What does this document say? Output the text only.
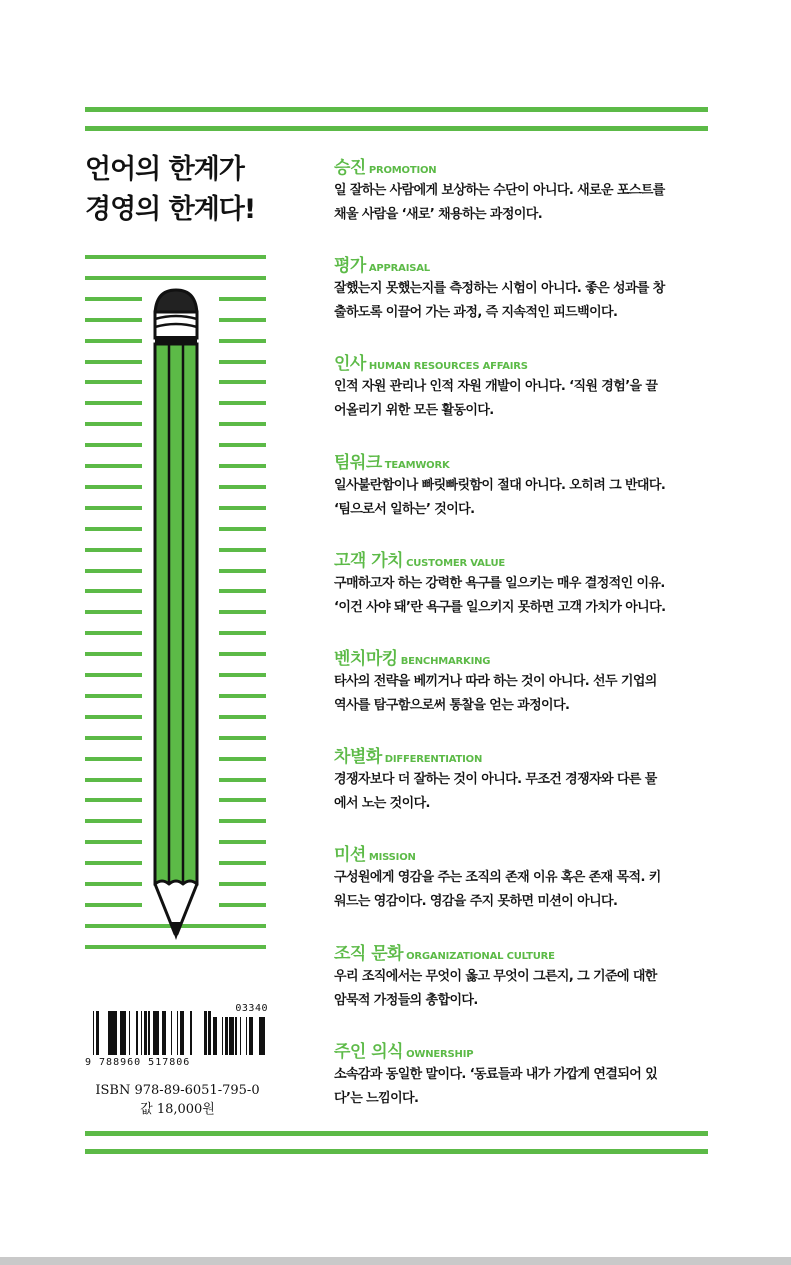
언어의 한계가
경영의 한계다!
승진 PROMOTION
일 잘하는 사람에게 보상하는 수단이 아니다. 새로운 포스트를
채울 사람을 ‘새로’ 채용하는 과정이다.
평가 APPRAISAL
잘했는지 못했는지를 측정하는 시험이 아니다. 좋은 성과를 창
출하도록 이끌어 가는 과정, 즉 지속적인 피드백이다.
인사 HUMAN RESOURCES AFFAIRS
인적 자원 관리나 인적 자원 개발이 아니다. ‘직원 경험’을 끌
어올리기 위한 모든 활동이다.
팀워크 TEAMWORK
일사불란함이나 빠릿빠릿함이 절대 아니다. 오히려 그 반대다.
‘팀으로서 일하는’ 것이다.
고객 가치 CUSTOMER VALUE
구매하고자 하는 강력한 욕구를 일으키는 매우 결정적인 이유.
‘이건 사야 돼’란 욕구를 일으키지 못하면 고객 가치가 아니다.
벤치마킹 BENCHMARKING
타사의 전략을 베끼거나 따라 하는 것이 아니다. 선두 기업의
역사를 탐구함으로써 통찰을 얻는 과정이다.
차별화 DIFFERENTIATION
경쟁자보다 더 잘하는 것이 아니다. 무조건 경쟁자와 다른 물
에서 노는 것이다.
미션 MISSION
구성원에게 영감을 주는 조직의 존재 이유 혹은 존재 목적. 키
워드는 영감이다. 영감을 주지 못하면 미션이 아니다.
조직 문화 ORGANIZATIONAL CULTURE
우리 조직에서는 무엇이 옳고 무엇이 그른지, 그 기준에 대한
암묵적 가정들의 총합이다.
주인 의식 OWNERSHIP
소속감과 동일한 말이다. ‘동료들과 내가 가깝게 연결되어 있
다’는 느낌이다.
03340
9 788960 517806
ISBN 978-89-6051-795-0
값 18,000원
